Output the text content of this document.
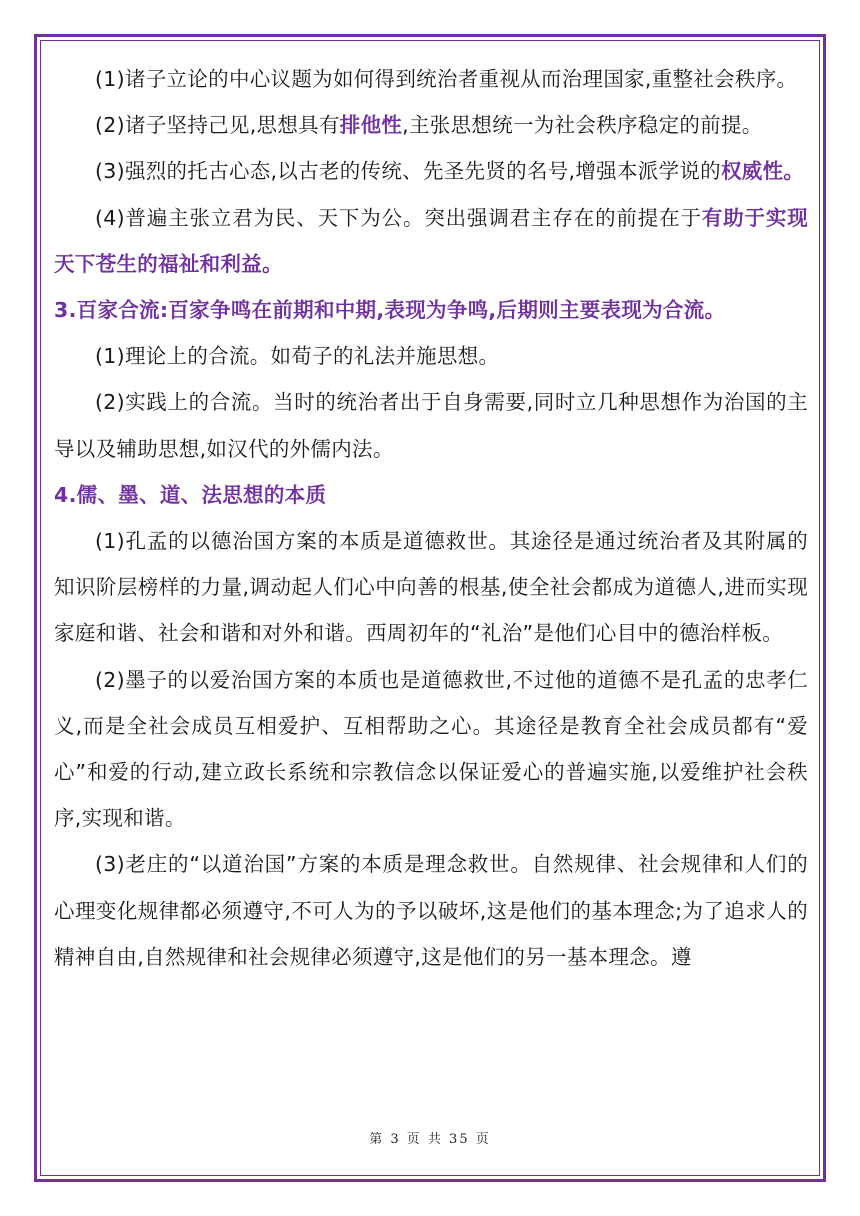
(1)诸子立论的中心议题为如何得到统治者重视从而治理国家,重整社会秩序。

(2)诸子坚持己见,思想具有排他性,主张思想统一为社会秩序稳定的前提。

(3)强烈的托古心态,以古老的传统、先圣先贤的名号,增强本派学说的权威性。

(4)普遍主张立君为民、天下为公。突出强调君主存在的前提在于有助于实现天下苍生的福祉和利益。

3.百家合流:百家争鸣在前期和中期,表现为争鸣,后期则主要表现为合流。

(1)理论上的合流。如荀子的礼法并施思想。

(2)实践上的合流。当时的统治者出于自身需要,同时立几种思想作为治国的主导以及辅助思想,如汉代的外儒内法。

4.儒、墨、道、法思想的本质

(1)孔孟的以德治国方案的本质是道德救世。其途径是通过统治者及其附属的知识阶层榜样的力量,调动起人们心中向善的根基,使全社会都成为道德人,进而实现家庭和谐、社会和谐和对外和谐。西周初年的“礼治”是他们心目中的德治样板。

(2)墨子的以爱治国方案的本质也是道德救世,不过他的道德不是孔孟的忠孝仁义,而是全社会成员互相爱护、互相帮助之心。其途径是教育全社会成员都有“爱心”和爱的行动,建立政长系统和宗教信念以保证爱心的普遍实施,以爱维护社会秩序,实现和谐。

(3)老庄的“以道治国”方案的本质是理念救世。自然规律、社会规律和人们的心理变化规律都必须遵守,不可人为的予以破坏,这是他们的基本理念;为了追求人的精神自由,自然规律和社会规律必须遵守,这是他们的另一基本理念。遵

第 3 页 共 35 页
